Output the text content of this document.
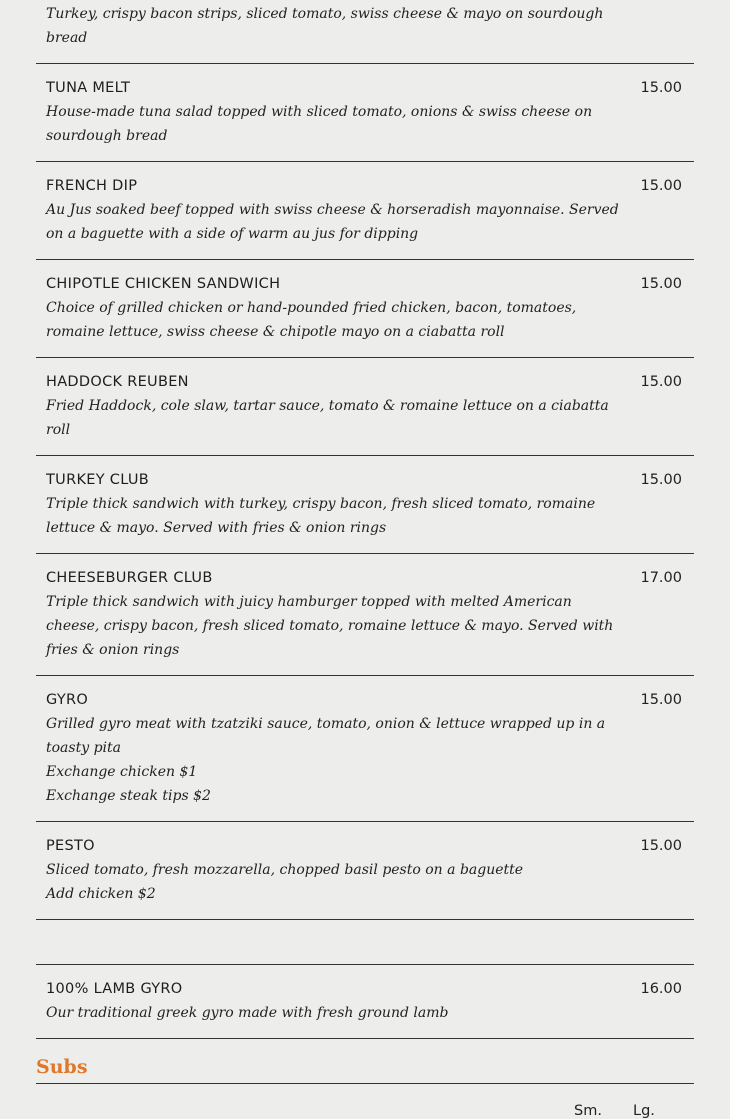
Turkey, crispy bacon strips, sliced tomato, swiss cheese & mayo on sourdough bread
TUNA MELT	15.00
House-made tuna salad topped with sliced tomato, onions & swiss cheese on sourdough bread
FRENCH DIP	15.00
Au Jus soaked beef topped with swiss cheese & horseradish mayonnaise. Served on a baguette with a side of warm au jus for dipping
CHIPOTLE CHICKEN SANDWICH	15.00
Choice of grilled chicken or hand-pounded fried chicken, bacon, tomatoes, romaine lettuce, swiss cheese & chipotle mayo on a ciabatta roll
HADDOCK REUBEN	15.00
Fried Haddock, cole slaw, tartar sauce, tomato & romaine lettuce on a ciabatta roll
TURKEY CLUB	15.00
Triple thick sandwich with turkey, crispy bacon, fresh sliced tomato, romaine lettuce & mayo. Served with fries & onion rings
CHEESEBURGER CLUB	17.00
Triple thick sandwich with juicy hamburger topped with melted American cheese, crispy bacon, fresh sliced tomato, romaine lettuce & mayo. Served with fries & onion rings
GYRO	15.00
Grilled gyro meat with tzatziki sauce, tomato, onion & lettuce wrapped up in a toasty pita
Exchange chicken $1
Exchange steak tips $2
PESTO	15.00
Sliced tomato, fresh mozzarella, chopped basil pesto on a baguette
Add chicken $2
100% LAMB GYRO	16.00
Our traditional greek gyro made with fresh ground lamb
Subs
Sm. Lg.
